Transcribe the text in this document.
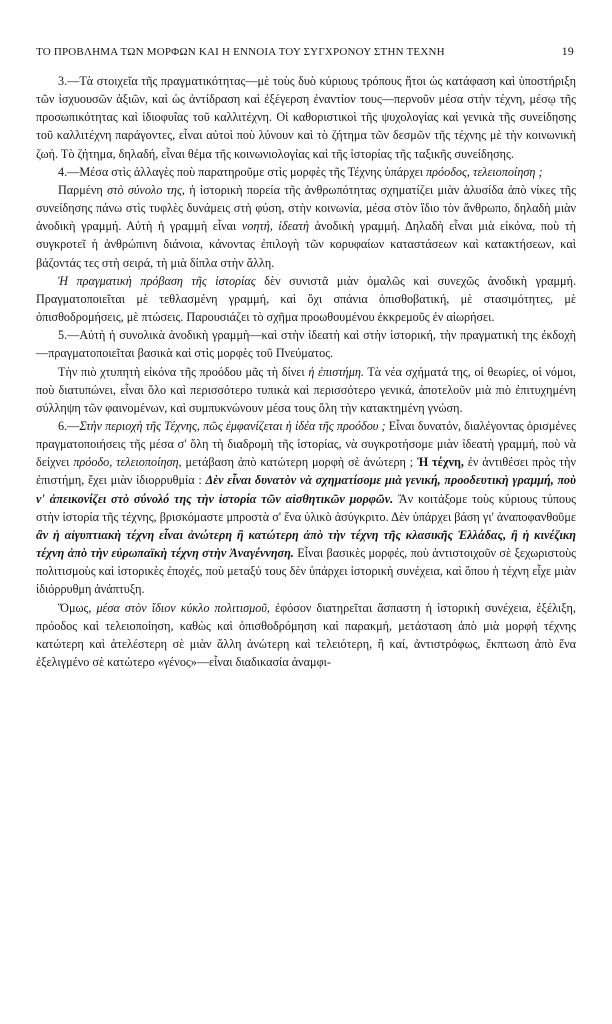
ΤΟ ΠΡΟΒΛΗΜΑ ΤΩΝ ΜΟΡΦΩΝ ΚΑΙ Η ΕΝΝΟΙΑ ΤΟΥ ΣΥΓΧΡΟΝΟΥ ΣΤΗΝ ΤΕΧΝΗ	19

3.—Τὰ στοιχεῖα τῆς πραγματικότητας—μὲ τοὺς δυὸ κύριους τρόπους ἤτοι ὡς κατάφαση καὶ ὑποστήριξη τῶν ἰσχυουσῶν ἀξιῶν, καὶ ὡς ἀντίδραση καὶ ἐξέγερση ἐναντίον τους—περνοῦν μέσα στὴν τέχνη, μέσῳ τῆς προσωπικότητας καὶ ἰδιοφυΐας τοῦ καλλιτέχνη. Οἱ καθοριστικοὶ τῆς ψυχολογίας καὶ γενικὰ τῆς συνείδησης τοῦ καλλιτέχνη παράγοντες, εἶναι αὐτοὶ ποὺ λύνουν καὶ τὸ ζήτημα τῶν δεσμῶν τῆς τέχνης μὲ τὴν κοινωνικὴ ζωή. Τὸ ζήτημα, δηλαδή, εἶναι θέμα τῆς κοινωνιολογίας καὶ τῆς ἱστορίας τῆς ταξικῆς συνείδησης.

4.—Μέσα στὶς ἀλλαγὲς ποὺ παρατηροῦμε στὶς μορφὲς τῆς Τέχνης ὑπάρχει πρόοδος, τελειοποίηση ;

Παρμένη στὸ σύνολο της, ἡ ἱστορικὴ πορεία τῆς ἀνθρωπότητας σχηματίζει μιὰν ἀλυσίδα ἀπὸ νίκες τῆς συνείδησης πάνω στὶς τυφλὲς δυνάμεις στὴ φύση, στὴν κοινωνία, μέσα στὸν ἴδιο τὸν ἄνθρωπο, δηλαδὴ μιὰν ἀνοδικὴ γραμμή. Αὐτὴ ἡ γραμμὴ εἶναι νοητή, ἰδεατὴ ἀνοδικὴ γραμμή. Δηλαδὴ εἶναι μιὰ εἰκόνα, ποὺ τὴ συγκροτεῖ ἡ ἀνθρώπινη διάνοια, κάνοντας ἐπιλογὴ τῶν κορυφαίων καταστάσεων καὶ κατακτήσεων, καὶ βάζοντάς τες στὴ σειρά, τὴ μιὰ δίπλα στὴν ἄλλη.

Ἡ πραγματικὴ πρόβαση τῆς ἱστορίας δὲν συνιστᾶ μιὰν ὁμαλῶς καὶ συνεχῶς ἀνοδικὴ γραμμή. Πραγματοποιεῖται μὲ τεθλασμένη γραμμή, καὶ ὄχι σπάνια ὀπισθοβατική, μὲ στασιμότητες, μὲ ὀπισθοδρομήσεις, μὲ πτώσεις. Παρουσιάζει τὸ σχῆμα προωθουμένου ἐκκρεμοῦς ἐν αἰωρήσει.

5.—Αὐτὴ ἡ συνολικὰ ἀνοδικὴ γραμμὴ—καὶ στὴν ἰδεατὴ καὶ στὴν ἱστορική, τὴν πραγματικὴ της ἐκδοχὴ—πραγματοποιεῖται βασικὰ καὶ στὶς μορφὲς τοῦ Πνεύματος.

Τὴν πιὸ χτυπητὴ εἰκόνα τῆς προόδου μᾶς τὴ δίνει ἡ ἐπιστήμη. Τὰ νέα σχήματά της, οἱ θεωρίες, οἱ νόμοι, ποὺ διατυπώνει, εἶναι ὅλο καὶ περισσότερο τυπικὰ καὶ περισσότερο γενικά, ἀποτελοῦν μιὰ πιὸ ἐπιτυχημένη σύλληψη τῶν φαινομένων, καὶ συμπυκνώνουν μέσα τους ὅλη τὴν κατακτημένη γνώση.

6.—Στὴν περιοχὴ τῆς Τέχνης, πῶς ἐμφανίζεται ἡ ἰδέα τῆς προόδου ; Εἶναι δυνατόν, διαλέγοντας ὁρισμένες πραγματοποιήσεις τῆς μέσα σ' ὅλη τὴ διαδρομὴ τῆς ἱστορίας, νὰ συγκροτήσομε μιὰν ἰδεατὴ γραμμή, ποὺ νὰ δείχνει πρόοδο, τελειοποίηση, μετάβαση ἀπὸ κατώτερη μορφὴ σὲ ἀνώτερη ; Ἡ τέχνη, ἐν ἀντιθέσει πρὸς τὴν ἐπιστήμη, ἔχει μιὰν ἰδιορρυθμία : Δὲν εἶναι δυνατὸν νὰ σχηματίσομε μιὰ γενική, προοδευτικὴ γραμμή, ποὺ ν' ἀπεικονίζει στὸ σύνολό της τὴν ἱστορία τῶν αἰσθητικῶν μορφῶν. Ἂν κοιτάξομε τοὺς κύριους τύπους στὴν ἱστορία τῆς τέχνης, βρισκόμαστε μπροστὰ σ' ἕνα ὑλικὸ ἀσύγκριτο. Δὲν ὑπάρχει βάση γι' ἀναποφανθοῦμε ἂν ἡ αἰγυπτιακὴ τέχνη εἶναι ἀνώτερη ἢ κατώτερη ἀπὸ τὴν τέχνη τῆς κλασικῆς Ἑλλάδας, ἢ ἡ κινέζικη τέχνη ἀπὸ τὴν εὐρωπαϊκὴ τέχνη στὴν Ἀναγέννηση. Εἶναι βασικὲς μορφές, ποὺ ἀντιστοιχοῦν σὲ ξεχωριστοὺς πολιτισμοὺς καὶ ἱστορικὲς ἐποχές, ποὺ μεταξύ τους δὲν ὑπάρχει ἱστορικὴ συνέχεια, καὶ ὅπου ἡ τέχνη εἶχε μιὰν ἰδιόρρυθμη ἀνάπτυξη.

Ὅμως, μέσα στὸν ἴδιον κύκλο πολιτισμοῦ, ἐφόσον διατηρεῖται ἄσπαστη ἡ ἱστορικὴ συνέχεια, ἐξέλιξη, πρόοδος καὶ τελειοποίηση, καθὼς καὶ ὀπισθοδρόμηση καὶ παρακμή, μετάσταση ἀπὸ μιὰ μορφὴ τέχνης κατώτερη καὶ ἀτελέστερη σὲ μιὰν ἄλλη ἀνώτερη καὶ τελειότερη, ἢ καί, ἀντιστρόφως, ἔκπτωση ἀπὸ ἕνα ἐξελιγμένο σὲ κατώτερο «γένος»—εἶναι διαδικασία ἀναμφι-
